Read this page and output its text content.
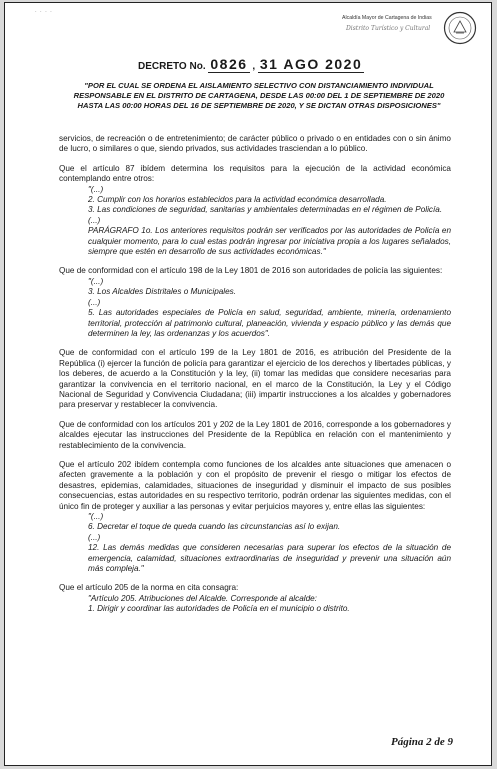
· · · ·
Alcaldía Mayor de Cartagena de Indias
Distrito Turístico y Cultural
DECRETO No. 0826 , 31 AGO 2020
"POR EL CUAL SE ORDENA EL AISLAMIENTO SELECTIVO CON DISTANCIAMIENTO INDIVIDUAL RESPONSABLE EN EL DISTRITO DE CARTAGENA, DESDE LAS 00:00 DEL 1 DE SEPTIEMBRE DE 2020 HASTA LAS 00:00 HORAS DEL 16 DE SEPTIEMBRE DE 2020, Y SE DICTAN OTRAS DISPOSICIONES"

servicios, de recreación o de entretenimiento; de carácter público o privado o en entidades con o sin ánimo de lucro, o similares o que, siendo privados, sus actividades trasciendan a lo público.

Que el artículo 87 ibídem determina los requisitos para la ejecución de la actividad económica contemplando entre otros:

"(...)
2. Cumplir con los horarios establecidos para la actividad económica desarrollada.
3. Las condiciones de seguridad, sanitarias y ambientales determinadas en el régimen de Policía.
(...)
PARÁGRAFO 1o. Los anteriores requisitos podrán ser verificados por las autoridades de Policía en cualquier momento, para lo cual estas podrán ingresar por iniciativa propia a los lugares señalados, siempre que estén en desarrollo de sus actividades económicas."

Que de conformidad con el artículo 198 de la Ley 1801 de 2016 son autoridades de policía las siguientes:

"(...)
3. Los Alcaldes Distritales o Municipales.
(...)
5. Las autoridades especiales de Policía en salud, seguridad, ambiente, minería, ordenamiento territorial, protección al patrimonio cultural, planeación, vivienda y espacio público y las demás que determinen la ley, las ordenanzas y los acuerdos".

Que de conformidad con el artículo 199 de la Ley 1801 de 2016, es atribución del Presidente de la República (i) ejercer la función de policía para garantizar el ejercicio de los derechos y libertades públicas, y los deberes, de acuerdo a la Constitución y la ley, (ii) tomar las medidas que considere necesarias para garantizar la convivencia en el territorio nacional, en el marco de la Constitución, la Ley y el Código Nacional de Seguridad y Convivencia Ciudadana; (iii) impartir instrucciones a los alcaldes y gobernadores para preservar y restablecer la convivencia.

Que de conformidad con los artículos 201 y 202 de la Ley 1801 de 2016, corresponde a los gobernadores y alcaldes ejecutar las instrucciones del Presidente de la República en relación con el mantenimiento y restablecimiento de la convivencia.

Que el artículo 202 ibídem contempla como funciones de los alcaldes ante situaciones que amenacen o afecten gravemente a la población y con el propósito de prevenir el riesgo o mitigar los efectos de desastres, epidemias, calamidades, situaciones de inseguridad y disminuir el impacto de sus posibles consecuencias, estas autoridades en su respectivo territorio, podrán ordenar las siguientes medidas, con el único fin de proteger y auxiliar a las personas y evitar perjuicios mayores y, entre ellas las siguientes:

"(...)
6. Decretar el toque de queda cuando las circunstancias así lo exijan.
(...)
12. Las demás medidas que consideren necesarias para superar los efectos de la situación de emergencia, calamidad, situaciones extraordinarias de inseguridad y prevenir una situación aún más compleja."

Que el artículo 205 de la norma en cita consagra:

"Artículo 205. Atribuciones del Alcalde. Corresponde al alcalde:
1. Dirigir y coordinar las autoridades de Policía en el municipio o distrito.
Página 2 de 9
